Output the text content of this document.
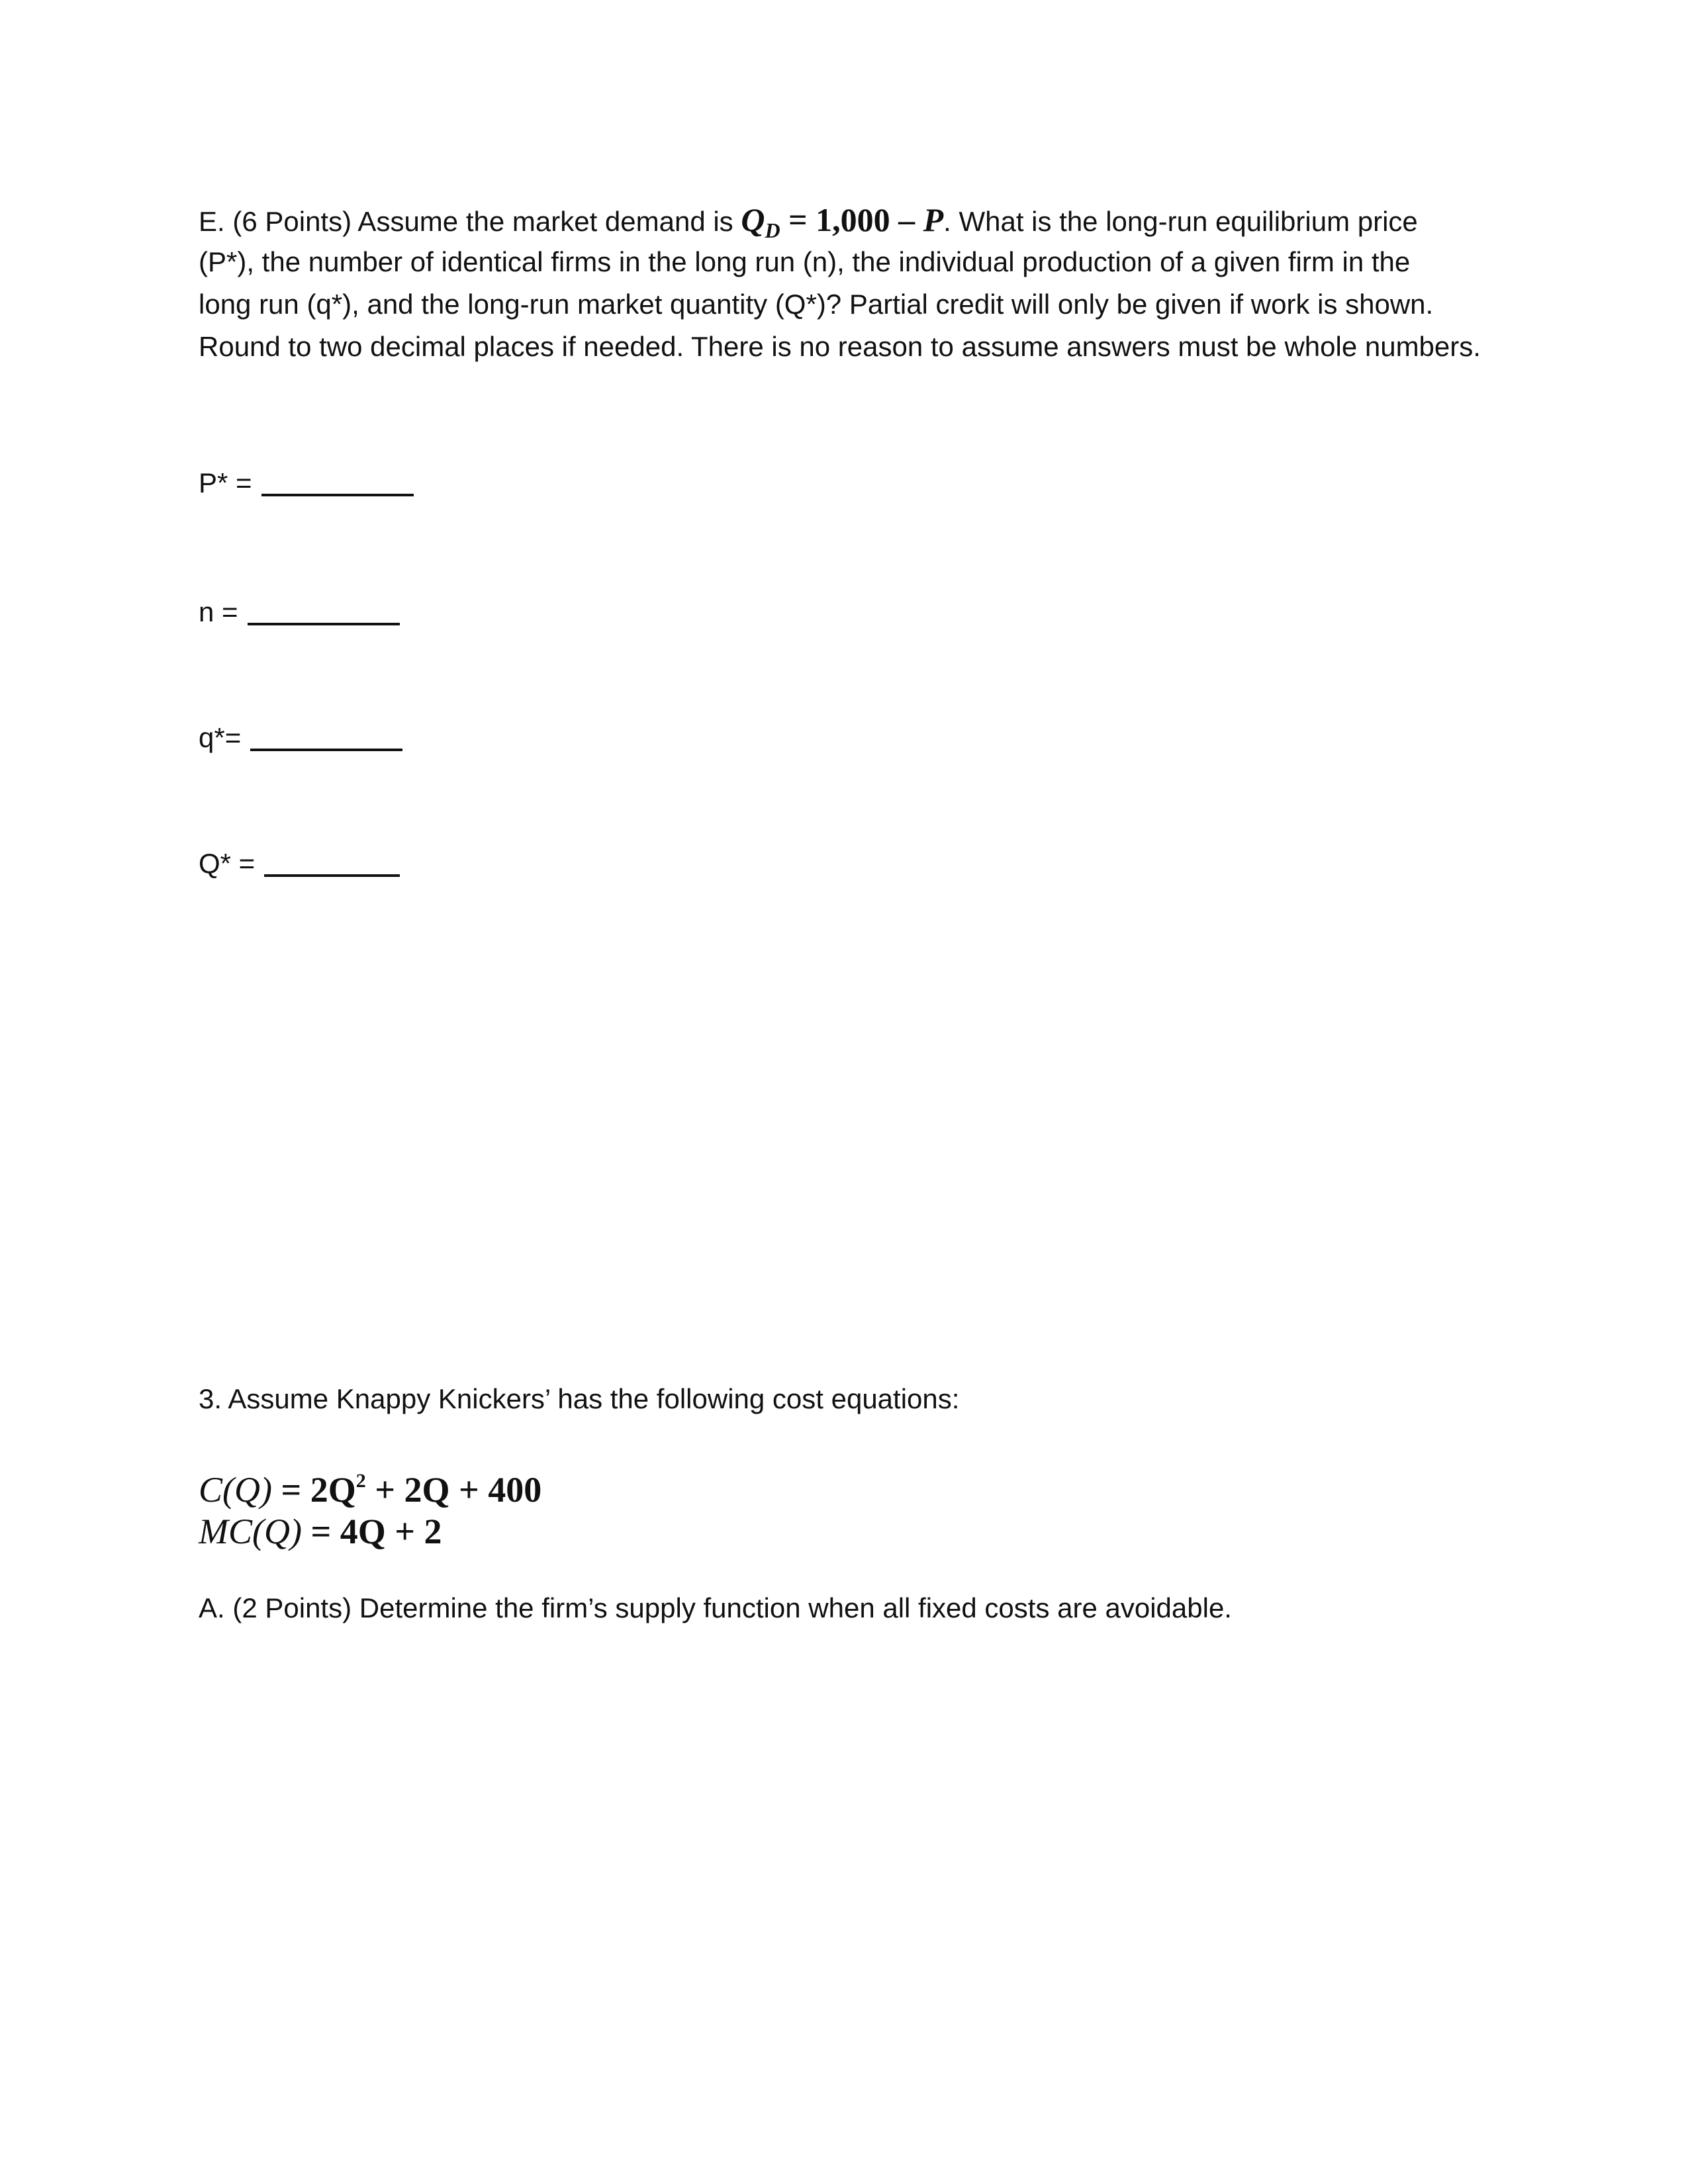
E. (6 Points) Assume the market demand is $Q_D = 1,000 - P$. What is the long-run equilibrium price
(P*), the number of identical firms in the long run (n), the individual production of a given firm in the
long run (q*), and the long-run market quantity (Q*)? Partial credit will only be given if work is shown.
Round to two decimal places if needed. There is no reason to assume answers must be whole numbers.
P* =
n =
q*=
Q* =
3. Assume Knappy Knickers’ has the following cost equations:
$C(Q) = 2Q^2 + 2Q + 400$
MC(Q) = 4Q + 2
A. (2 Points) Determine the firm’s supply function when all fixed costs are avoidable.
